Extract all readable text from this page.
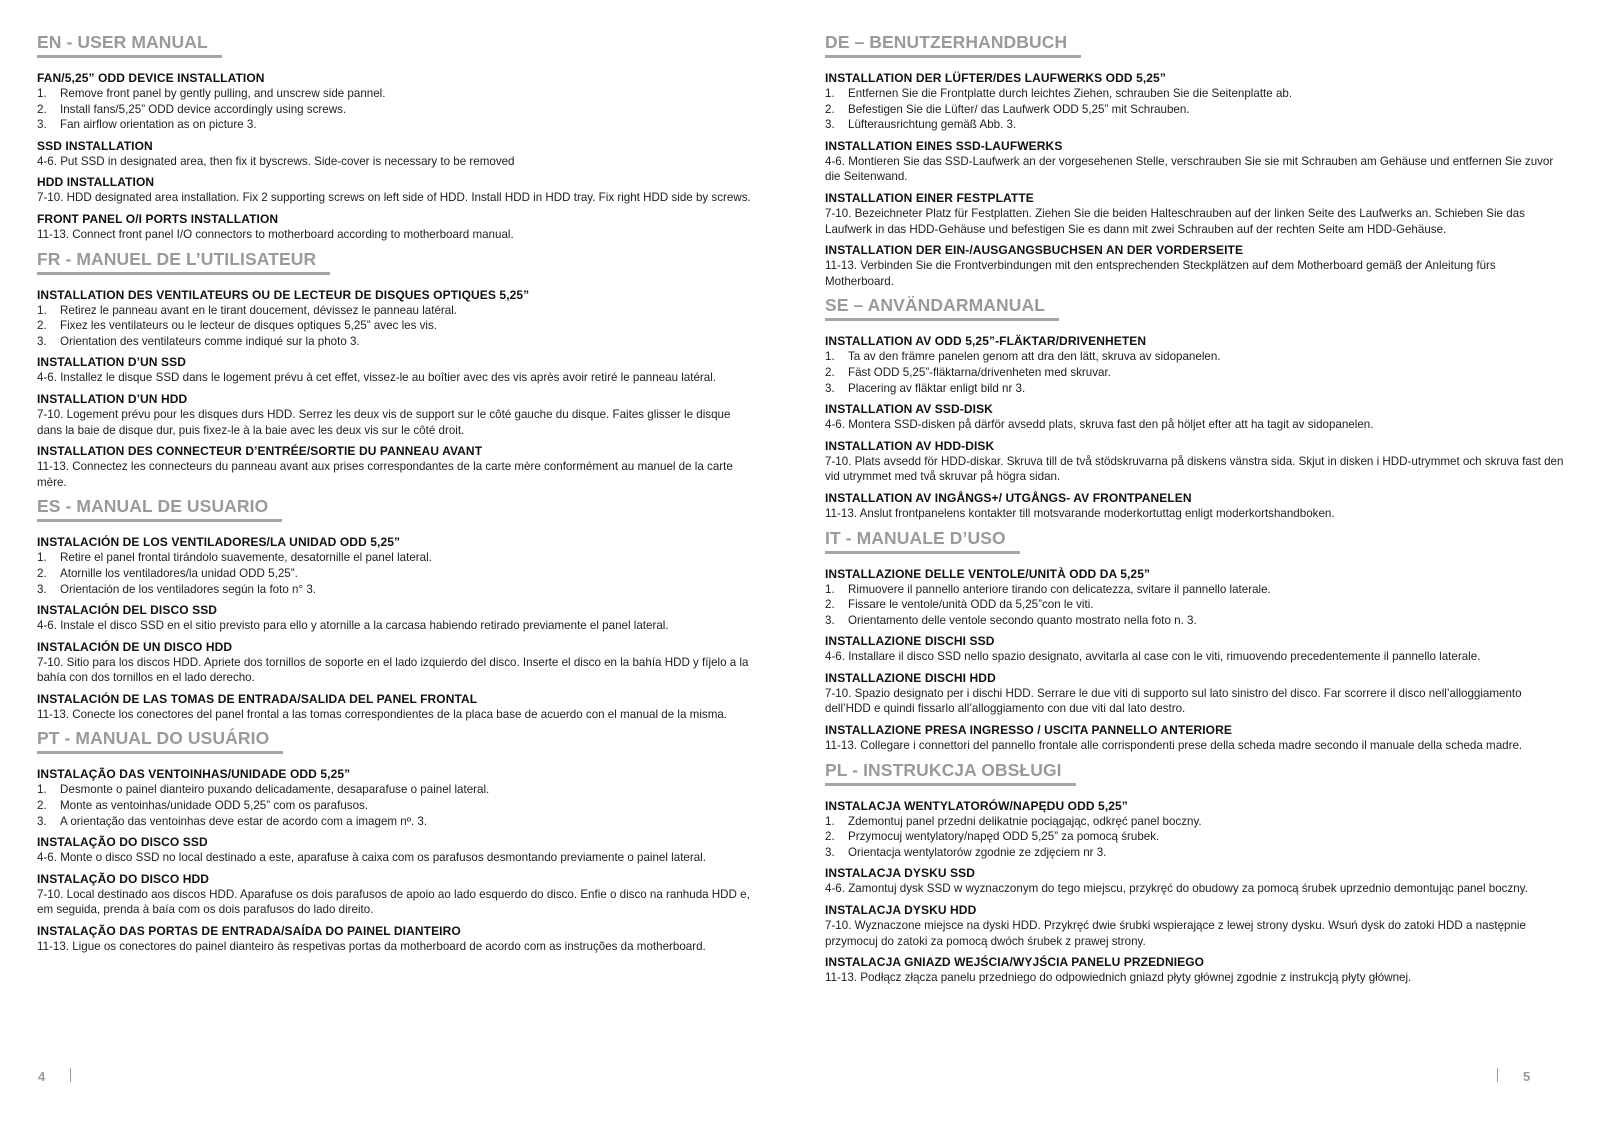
EN - USER MANUAL
FAN/5,25” ODD DEVICE INSTALLATION
1.	Remove front panel by gently pulling, and unscrew side pannel.
2.	Install fans/5,25” ODD device accordingly using screws.
3.	Fan airflow orientation as on picture 3.
SSD INSTALLATION
4-6. Put SSD in designated area, then fix it byscrews. Side-cover is necessary to be removed
HDD INSTALLATION
7-10. HDD designated area installation. Fix 2 supporting screws on left side of HDD. Install HDD in HDD tray. Fix right HDD side by screws.
FRONT PANEL O/I PORTS INSTALLATION
11-13. Connect front panel I/O connectors to motherboard according to motherboard manual.
FR - MANUEL DE L’UTILISATEUR
INSTALLATION DES VENTILATEURS OU DE LECTEUR DE DISQUES OPTIQUES 5,25”
1.	Retirez le panneau avant en le tirant doucement, dévissez le panneau latéral.
2.	Fixez les ventilateurs ou le lecteur de disques optiques 5,25” avec les vis.
3.	Orientation des ventilateurs comme indiqué sur la photo 3.
INSTALLATION D’UN SSD
4-6. Installez le disque SSD dans le logement prévu à cet effet, vissez-le au boîtier avec des vis après avoir retiré le panneau latéral.
INSTALLATION D’UN HDD
7-10. Logement prévu pour les disques durs HDD. Serrez les deux vis de support sur le côté gauche du disque. Faites glisser le disque dans la baie de disque dur, puis fixez-le à la baie avec les deux vis sur le côté droit.
INSTALLATION DES CONNECTEUR D’ENTRÉE/SORTIE DU PANNEAU AVANT
11-13. Connectez les connecteurs du panneau avant aux prises correspondantes de la carte mère conformément au manuel de la carte mère.
ES - MANUAL DE USUARIO
INSTALACIÓN DE LOS VENTILADORES/LA UNIDAD ODD 5,25”
1.	Retire el panel frontal tirándolo suavemente, desatornille el panel lateral.
2.	Atornille los ventiladores/la unidad ODD 5,25”.
3.	Orientación de los ventiladores según la foto n° 3.
INSTALACIÓN DEL DISCO SSD
4-6. Instale el disco SSD en el sitio previsto para ello y atornille a la carcasa habiendo retirado previamente el panel lateral.
INSTALACIÓN DE UN DISCO HDD
7-10. Sitio para los discos HDD. Apriete dos tornillos de soporte en el lado izquierdo del disco. Inserte el disco en la bahía HDD y fíjelo a la bahía con dos tornillos en el lado derecho.
INSTALACIÓN DE LAS TOMAS DE ENTRADA/SALIDA DEL PANEL FRONTAL
11-13. Conecte los conectores del panel frontal a las tomas correspondientes de la placa base de acuerdo con el manual de la misma.
PT - MANUAL DO USUÁRIO
INSTALAÇÃO DAS VENTOINHAS/UNIDADE ODD 5,25”
1.	Desmonte o painel dianteiro puxando delicadamente, desaparafuse o painel lateral.
2.	Monte as ventoinhas/unidade ODD 5,25” com os parafusos.
3.	A orientação das ventoinhas deve estar de acordo com a imagem nº. 3.
INSTALAÇÃO DO DISCO SSD
4-6. Monte o disco SSD no local destinado a este, aparafuse à caixa com os parafusos desmontando previamente o painel lateral.
INSTALAÇÃO DO DISCO HDD
7-10. Local destinado aos discos HDD. Aparafuse os dois parafusos de apoio ao lado esquerdo do disco. Enfie o disco na ranhuda HDD e, em seguida, prenda à baía com os dois parafusos do lado direito.
INSTALAÇÃO DAS PORTAS DE ENTRADA/SAÍDA DO PAINEL DIANTEIRO
11-13. Ligue os conectores do painel dianteiro às respetivas portas da motherboard de acordo com as instruções da motherboard.
DE – BENUTZERHANDBUCH
INSTALLATION DER LÜFTER/DES LAUFWERKS ODD 5,25”
1.	Entfernen Sie die Frontplatte durch leichtes Ziehen, schrauben Sie die Seitenplatte ab.
2.	Befestigen Sie die Lüfter/ das Laufwerk ODD 5,25” mit Schrauben.
3.	Lüfterausrichtung gemäß Abb. 3.
INSTALLATION EINES SSD-LAUFWERKS
4-6. Montieren Sie das SSD-Laufwerk an der vorgesehenen Stelle, verschrauben Sie sie mit Schrauben am Gehäuse und entfernen Sie zuvor die Seitenwand.
INSTALLATION EINER FESTPLATTE
7-10. Bezeichneter Platz für Festplatten. Ziehen Sie die beiden Halteschrauben auf der linken Seite des Laufwerks an. Schieben Sie das Laufwerk in das HDD-Gehäuse und befestigen Sie es dann mit zwei Schrauben auf der rechten Seite am HDD-Gehäuse.
INSTALLATION DER EIN-/AUSGANGSBUCHSEN AN DER VORDERSEITE
11-13. Verbinden Sie die Frontverbindungen mit den entsprechenden Steckplätzen auf dem Motherboard gemäß der Anleitung fürs Motherboard.
SE – ANVÄNDARMANUAL
INSTALLATION AV ODD 5,25”-FLÄKTAR/DRIVENHETEN
1.	Ta av den främre panelen genom att dra den lätt, skruva av sidopanelen.
2.	Fäst ODD 5,25”-fläktarna/drivenheten med skruvar.
3.	Placering av fläktar enligt bild nr 3.
INSTALLATION AV SSD-DISK
4-6. Montera SSD-disken på därför avsedd plats, skruva fast den på höljet efter att ha tagit av sidopanelen.
INSTALLATION AV HDD-DISK
7-10. Plats avsedd för HDD-diskar. Skruva till de två stödskruvarna på diskens vänstra sida. Skjut in disken i HDD-utrymmet och skruva fast den vid utrymmet med två skruvar på högra sidan.
INSTALLATION AV INGÅNGS+/ UTGÅNGS- AV FRONTPANELEN
11-13. Anslut frontpanelens kontakter till motsvarande moderkortuttag enligt moderkortshandboken.
IT - MANUALE D’USO
INSTALLAZIONE DELLE VENTOLE/UNITÀ ODD DA 5,25”
1.	Rimuovere il pannello anteriore tirando con delicatezza, svitare il pannello laterale.
2.	Fissare le ventole/unità ODD da 5,25”con le viti.
3.	Orientamento delle ventole secondo quanto mostrato nella foto n. 3.
INSTALLAZIONE DISCHI SSD
4-6. Installare il disco SSD nello spazio designato, avvitarla al case con le viti, rimuovendo precedentemente il pannello laterale.
INSTALLAZIONE DISCHI HDD
7-10. Spazio designato per i dischi HDD. Serrare le due viti di supporto sul lato sinistro del disco. Far scorrere il disco nell’alloggiamento dell’HDD e quindi fissarlo all’alloggiamento con due viti dal lato destro.
INSTALLAZIONE PRESA INGRESSO / USCITA PANNELLO ANTERIORE
11-13. Collegare i connettori del pannello frontale alle corrispondenti prese della scheda madre secondo il manuale della scheda madre.
PL - INSTRUKCJA OBSŁUGI
INSTALACJA WENTYLATORÓW/NAPĘDU ODD 5,25”
1.	Zdemontuj panel przedni delikatnie pociągając, odkręć panel boczny.
2.	Przymocuj wentylatory/napęd ODD 5,25” za pomocą śrubek.
3.	Orientacja wentylatorów zgodnie ze zdjęciem nr 3.
INSTALACJA DYSKU SSD
4-6. Zamontuj dysk SSD w wyznaczonym do tego miejscu, przykręć do obudowy za pomocą śrubek uprzednio demontując panel boczny.
INSTALACJA DYSKU HDD
7-10. Wyznaczone miejsce na dyski HDD. Przykręć dwie śrubki wspierające z lewej strony dysku. Wsuń dysk do zatoki HDD a następnie przymocuj do zatoki za pomocą dwóch śrubek z prawej strony.
INSTALACJA GNIAZD WEJŚCIA/WYJŚCIA PANELU PRZEDNIEGO
11-13. Podłącz złącza panelu przedniego do odpowiednich gniazd płyty głównej zgodnie z instrukcją płyty głównej.
4	5
